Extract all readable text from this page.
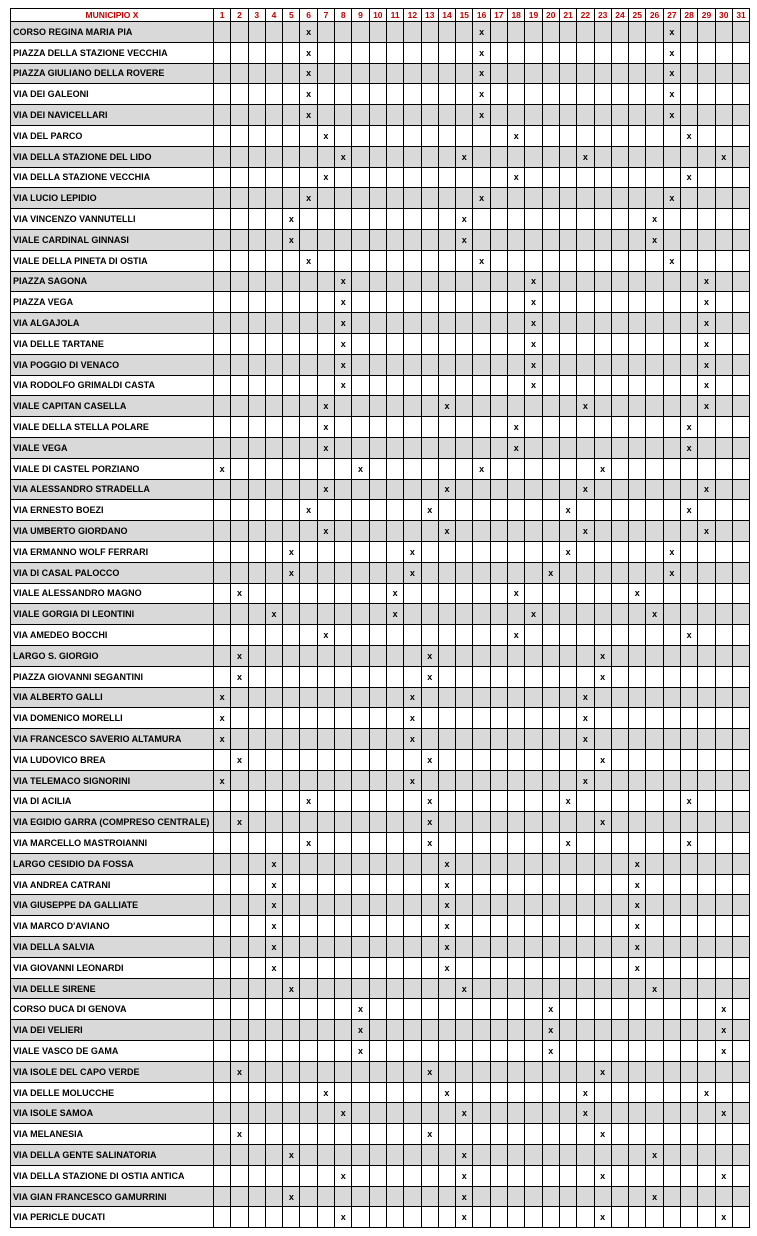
MUNICIPIO X	1	2	3	4	5	6	7	8	9	10	11	12	13	14	15	16	17	18	19	20	21	22	23	24	25	26	27	28	29	30	31
CORSO REGINA MARIA PIA						x										x											x				
PIAZZA DELLA STAZIONE VECCHIA						x										x											x				
PIAZZA GIULIANO DELLA ROVERE						x										x											x				
VIA DEI GALEONI						x										x											x				
VIA DEI NAVICELLARI						x										x											x				
VIA DEL PARCO							x											x										x			
VIA DELLA STAZIONE DEL LIDO								x							x							x								x	
VIA DELLA STAZIONE VECCHIA							x											x										x			
VIA LUCIO LEPIDIO						x										x											x				
VIA VINCENZO VANNUTELLI					x										x											x					
VIALE CARDINAL GINNASI					x										x											x					
VIALE DELLA PINETA DI OSTIA						x										x											x				
PIAZZA SAGONA								x											x										x		
PIAZZA VEGA								x											x										x		
VIA ALGAJOLA								x											x										x		
VIA DELLE TARTANE								x											x										x		
VIA POGGIO DI VENACO								x											x										x		
VIA RODOLFO GRIMALDI CASTA								x											x										x		
VIALE CAPITAN CASELLA							x							x								x							x		
VIALE DELLA STELLA POLARE							x											x										x			
VIALE VEGA							x											x										x			
VIALE DI CASTEL PORZIANO	x								x							x							x								
VIA ALESSANDRO STRADELLA							x							x								x							x		
VIA ERNESTO BOEZI						x							x								x							x			
VIA UMBERTO GIORDANO							x							x								x							x		
VIA ERMANNO WOLF FERRARI					x							x									x						x				
VIA DI CASAL PALOCCO					x							x								x							x				
VIALE ALESSANDRO MAGNO		x									x							x							x						
VIALE GORGIA DI LEONTINI				x							x								x							x					
VIA AMEDEO BOCCHI							x											x										x			
LARGO S. GIORGIO		x											x										x								
PIAZZA GIOVANNI SEGANTINI		x											x										x								
VIA ALBERTO GALLI	x											x										x									
VIA DOMENICO MORELLI	x											x										x									
VIA FRANCESCO SAVERIO ALTAMURA	x											x										x									
VIA LUDOVICO BREA		x											x										x								
VIA TELEMACO SIGNORINI	x											x										x									
VIA DI ACILIA						x							x								x							x			
VIA EGIDIO GARRA (COMPRESO CENTRALE)		x											x										x								
VIA MARCELLO MASTROIANNI						x							x								x							x			
LARGO CESIDIO DA FOSSA				x										x											x						
VIA ANDREA CATRANI				x										x											x						
VIA GIUSEPPE DA GALLIATE				x										x											x						
VIA MARCO D'AVIANO				x										x											x						
VIA DELLA SALVIA				x										x											x						
VIA GIOVANNI LEONARDI				x										x											x						
VIA DELLE SIRENE					x										x											x					
CORSO DUCA DI GENOVA									x											x										x	
VIA DEI VELIERI									x											x										x	
VIALE VASCO DE GAMA									x											x										x	
VIA ISOLE DEL CAPO VERDE		x											x										x								
VIA DELLE MOLUCCHE							x							x								x							x		
VIA ISOLE SAMOA								x							x							x								x	
VIA MELANESIA		x											x										x								
VIA DELLA GENTE SALINATORIA					x										x											x					
VIA DELLA STAZIONE DI OSTIA ANTICA								x							x								x							x	
VIA GIAN FRANCESCO GAMURRINI					x										x											x					
VIA PERICLE DUCATI								x							x								x							x	
